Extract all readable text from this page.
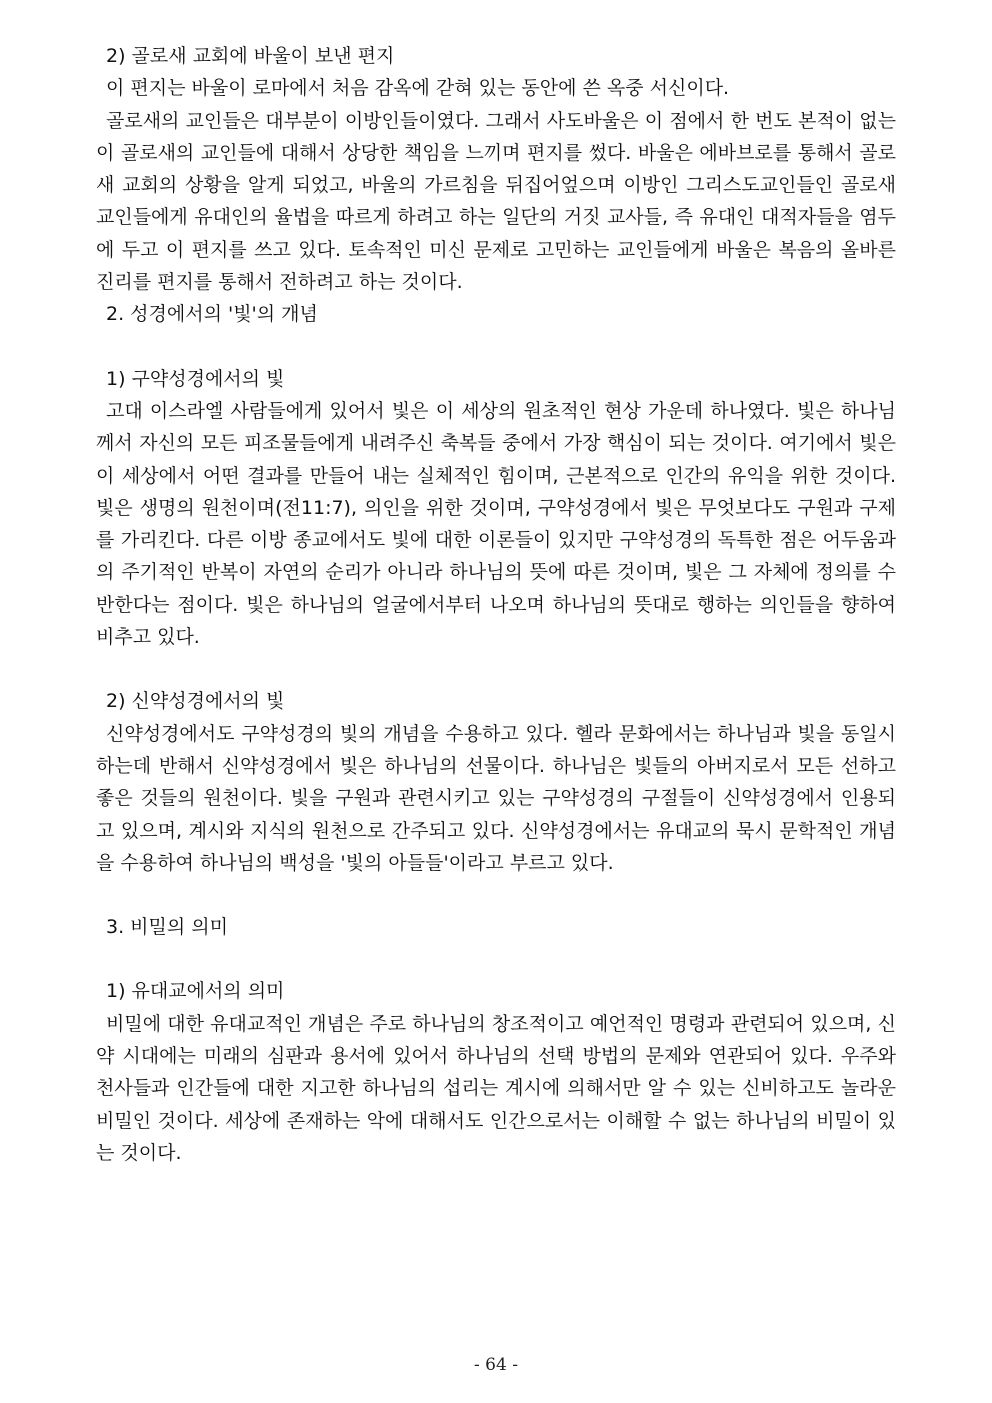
2) 골로새 교회에 바울이 보낸 편지

이 편지는 바울이 로마에서 처음 감옥에 갇혀 있는 동안에 쓴 옥중 서신이다.

골로새의 교인들은 대부분이 이방인들이였다. 그래서 사도바울은 이 점에서 한 번도 본적이 없는 이 골로새의 교인들에 대해서 상당한 책임을 느끼며 편지를 썼다. 바울은 에바브로를 통해서 골로새 교회의 상황을 알게 되었고, 바울의 가르침을 뒤집어엎으며 이방인 그리스도교인들인 골로새 교인들에게 유대인의 율법을 따르게 하려고 하는 일단의 거짓 교사들, 즉 유대인 대적자들을 염두에 두고 이 편지를 쓰고 있다. 토속적인 미신 문제로 고민하는 교인들에게 바울은 복음의 올바른 진리를 편지를 통해서 전하려고 하는 것이다.

2. 성경에서의 '빛'의 개념

1) 구약성경에서의 빛

고대 이스라엘 사람들에게 있어서 빛은 이 세상의 원초적인 현상 가운데 하나였다. 빛은 하나님께서 자신의 모든 피조물들에게 내려주신 축복들 중에서 가장 핵심이 되는 것이다. 여기에서 빛은 이 세상에서 어떤 결과를 만들어 내는 실체적인 힘이며, 근본적으로 인간의 유익을 위한 것이다. 빛은 생명의 원천이며(전11:7), 의인을 위한 것이며, 구약성경에서 빛은 무엇보다도 구원과 구제를 가리킨다. 다른 이방 종교에서도 빛에 대한 이론들이 있지만 구약성경의 독특한 점은 어두움과의 주기적인 반복이 자연의 순리가 아니라 하나님의 뜻에 따른 것이며, 빛은 그 자체에 정의를 수반한다는 점이다. 빛은 하나님의 얼굴에서부터 나오며 하나님의 뜻대로 행하는 의인들을 향하여 비추고 있다.

2) 신약성경에서의 빛

신약성경에서도 구약성경의 빛의 개념을 수용하고 있다. 헬라 문화에서는 하나님과 빛을 동일시하는데 반해서 신약성경에서 빛은 하나님의 선물이다. 하나님은 빛들의 아버지로서 모든 선하고 좋은 것들의 원천이다. 빛을 구원과 관련시키고 있는 구약성경의 구절들이 신약성경에서 인용되고 있으며, 계시와 지식의 원천으로 간주되고 있다. 신약성경에서는 유대교의 묵시 문학적인 개념을 수용하여 하나님의 백성을 '빛의 아들들'이라고 부르고 있다.

3. 비밀의 의미

1) 유대교에서의 의미

비밀에 대한 유대교적인 개념은 주로 하나님의 창조적이고 예언적인 명령과 관련되어 있으며, 신약 시대에는 미래의 심판과 용서에 있어서 하나님의 선택 방법의 문제와 연관되어 있다. 우주와 천사들과 인간들에 대한 지고한 하나님의 섭리는 계시에 의해서만 알 수 있는 신비하고도 놀라운 비밀인 것이다. 세상에 존재하는 악에 대해서도 인간으로서는 이해할 수 없는 하나님의 비밀이 있는 것이다.

- 64 -
